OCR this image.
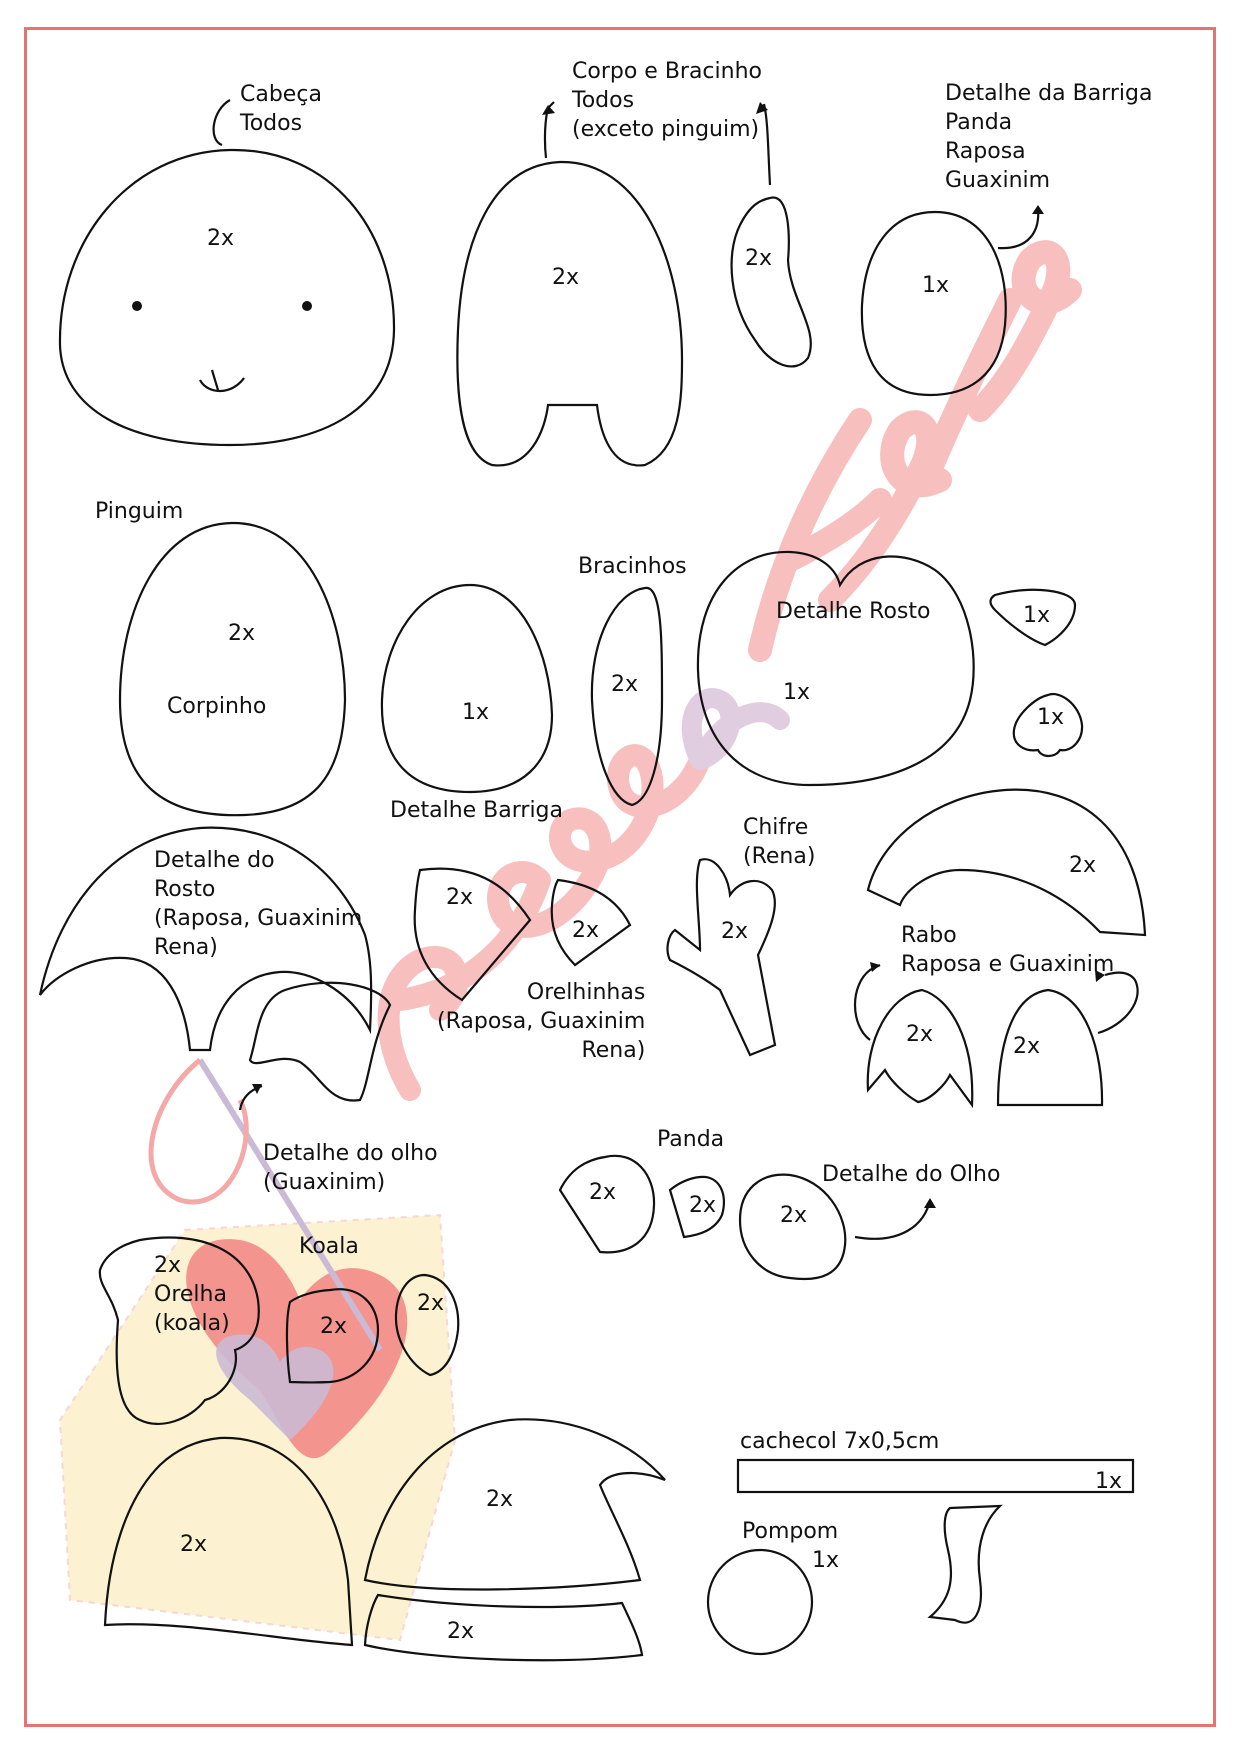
Cabeça
Todos
Corpo e Bracinho
Todos
(exceto pinguim)
Detalhe da Barriga
Panda
Raposa
Guaxinim
2x
2x
2x
1x
Pinguim
2x
Corpinho	1x
Detalhe Barriga
Bracinhos
2x
Detalhe Rosto
1x
1x
1x
Detalhe do
Rosto
(Raposa, Guaxinim
Rena)
2x
2x
Orelhinhas
(Raposa, Guaxinim
Rena)
Chifre
(Rena)
2x
2x
Rabo
Raposa e Guaxinim
2x	2x
Detalhe do olho
(Guaxinim)
Panda
2x
2x	2x
Detalhe do Olho
Koala
2x
Orelha
(koala)	2x
2x
2x
2x
2x
cachecol 7x0,5cm
1x
Pompom
1x
